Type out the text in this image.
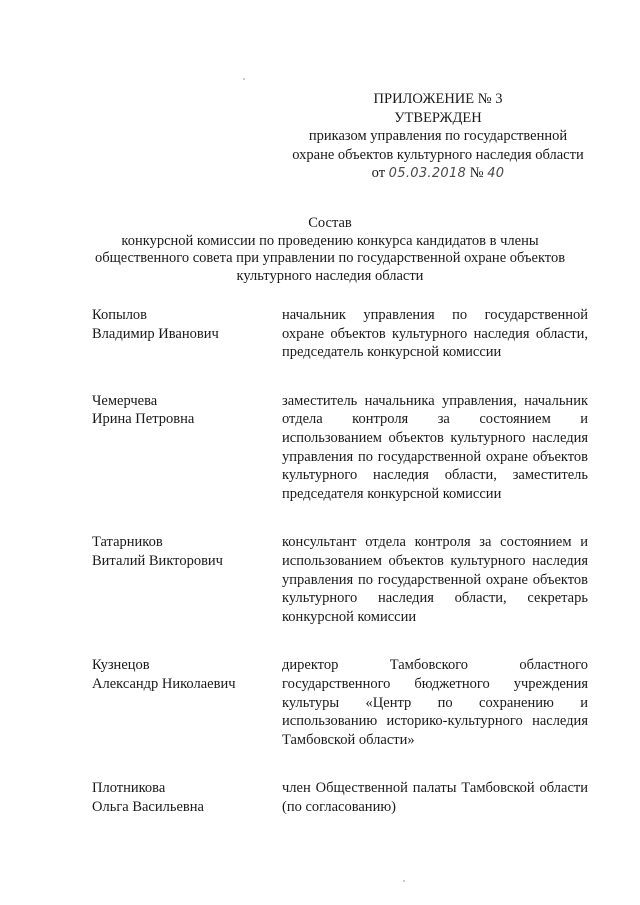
ПРИЛОЖЕНИЕ № 3
УТВЕРЖДЕН
приказом управления по государственной
охране объектов культурного наследия области
от 05.03.2018 № 40
Состав
конкурсной комиссии по проведению конкурса кандидатов в члены
общественного совета при управлении по государственной охране объектов
культурного наследия области
Копылов
Владимир Иванович
начальник управления по государственной охране объектов культурного наследия области, председатель конкурсной комиссии
Чемерчева
Ирина Петровна
заместитель начальника управления, начальник отдела контроля за состоянием и использованием объектов культурного наследия управления по государственной охране объектов культурного наследия области, заместитель председателя конкурсной комиссии
Татарников
Виталий Викторович
консультант отдела контроля за состоянием и использованием объектов культурного наследия управления по государственной охране объектов культурного наследия области, секретарь конкурсной комиссии
Кузнецов
Александр Николаевич
директор Тамбовского областного государственного бюджетного учреждения культуры «Центр по сохранению и использованию историко-культурного наследия Тамбовской области»
Плотникова
Ольга Васильевна
член Общественной палаты Тамбовской области (по согласованию)
